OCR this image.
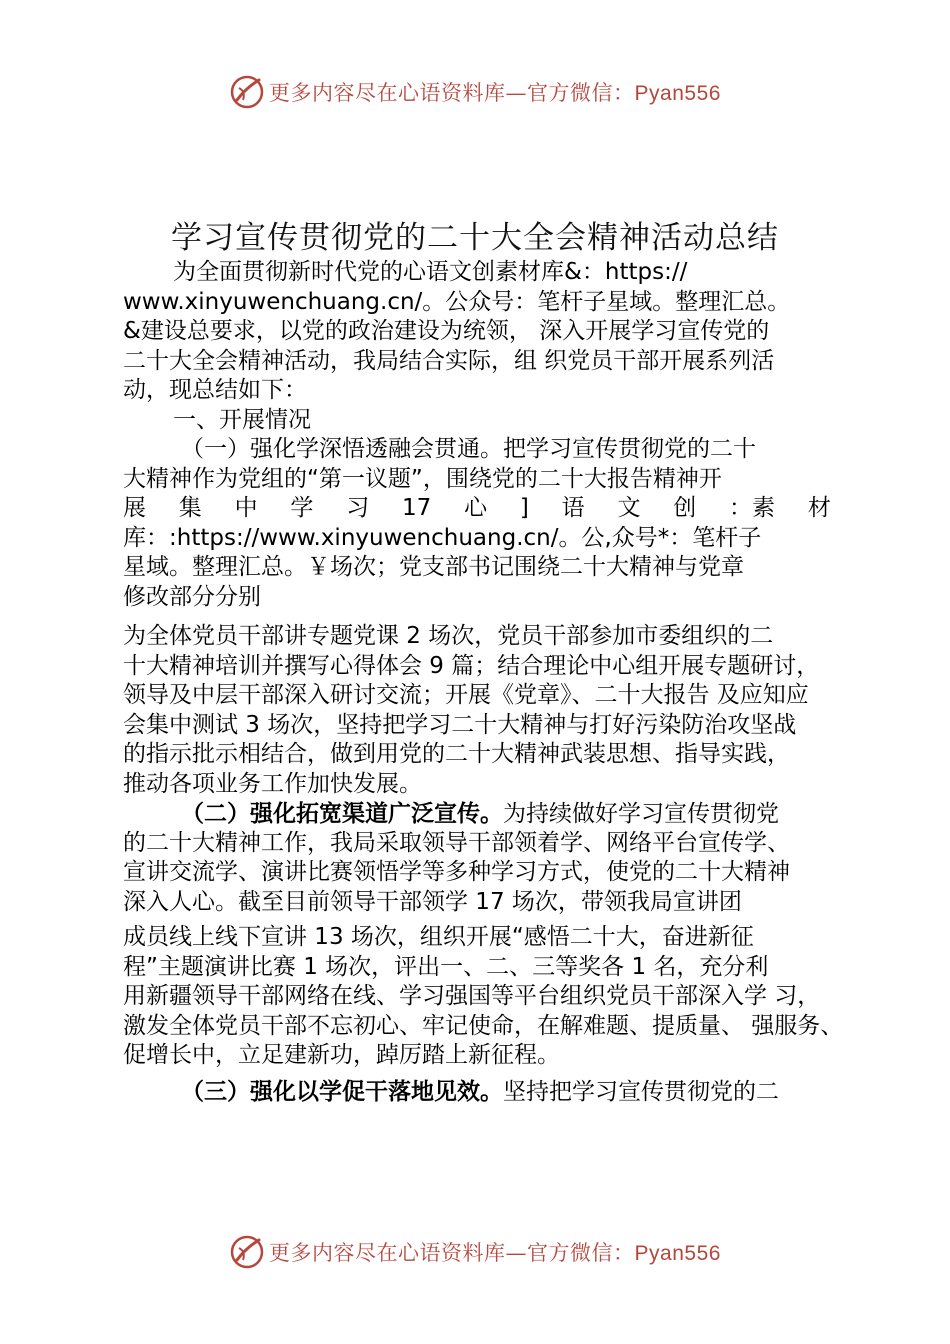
更多内容尽在心语资料库—官方微信：Pyan556
学习宣传贯彻党的二十大全会精神活动总结
为全面贯彻新时代党的心语文创素材库&：https://
www.xinyuwenchuang.cn/。公众号：笔杆子星域。整理汇总。
&建设总要求，以党的政治建设为统领， 深入开展学习宣传党的
二十大全会精神活动，我局结合实际，组 织党员干部开展系列活
动，现总结如下：
一、开展情况
（一）强化学深悟透融会贯通。把学习宣传贯彻党的二十
大精神作为党组的“第一议题”，围绕党的二十大报告精神开
展 集 中 学 习 17 心 ] 语 文 创 ：素 材
库：:https://www.xinyuwenchuang.cn/。公,众号*：笔杆子
星域。整理汇总。￥场次；党支部书记围绕二十大精神与党章
修改部分分别
为全体党员干部讲专题党课 2 场次，党员干部参加市委组织的二
十大精神培训并撰写心得体会 9 篇；结合理论中心组开展专题研讨，
领导及中层干部深入研讨交流；开展《党章》、二十大报告 及应知应
会集中测试 3 场次，坚持把学习二十大精神与打好污染防治攻坚战
的指示批示相结合，做到用党的二十大精神武装思想、指导实践，
推动各项业务工作加快发展。
（二）强化拓宽渠道广泛宣传。为持续做好学习宣传贯彻党
的二十大精神工作，我局采取领导干部领着学、网络平台宣传学、
宣讲交流学、演讲比赛领悟学等多种学习方式，使党的二十大精神
深入人心。截至目前领导干部领学 17 场次，带领我局宣讲团
成员线上线下宣讲 13 场次，组织开展“感悟二十大，奋进新征
程”主题演讲比赛 1 场次，评出一、二、三等奖各 1 名，充分利
用新疆领导干部网络在线、学习强国等平台组织党员干部深入学 习，
激发全体党员干部不忘初心、牢记使命，在解难题、提质量、 强服务、
促增长中，立足建新功，踔厉踏上新征程。
（三）强化以学促干落地见效。坚持把学习宣传贯彻党的二
更多内容尽在心语资料库—官方微信：Pyan556
